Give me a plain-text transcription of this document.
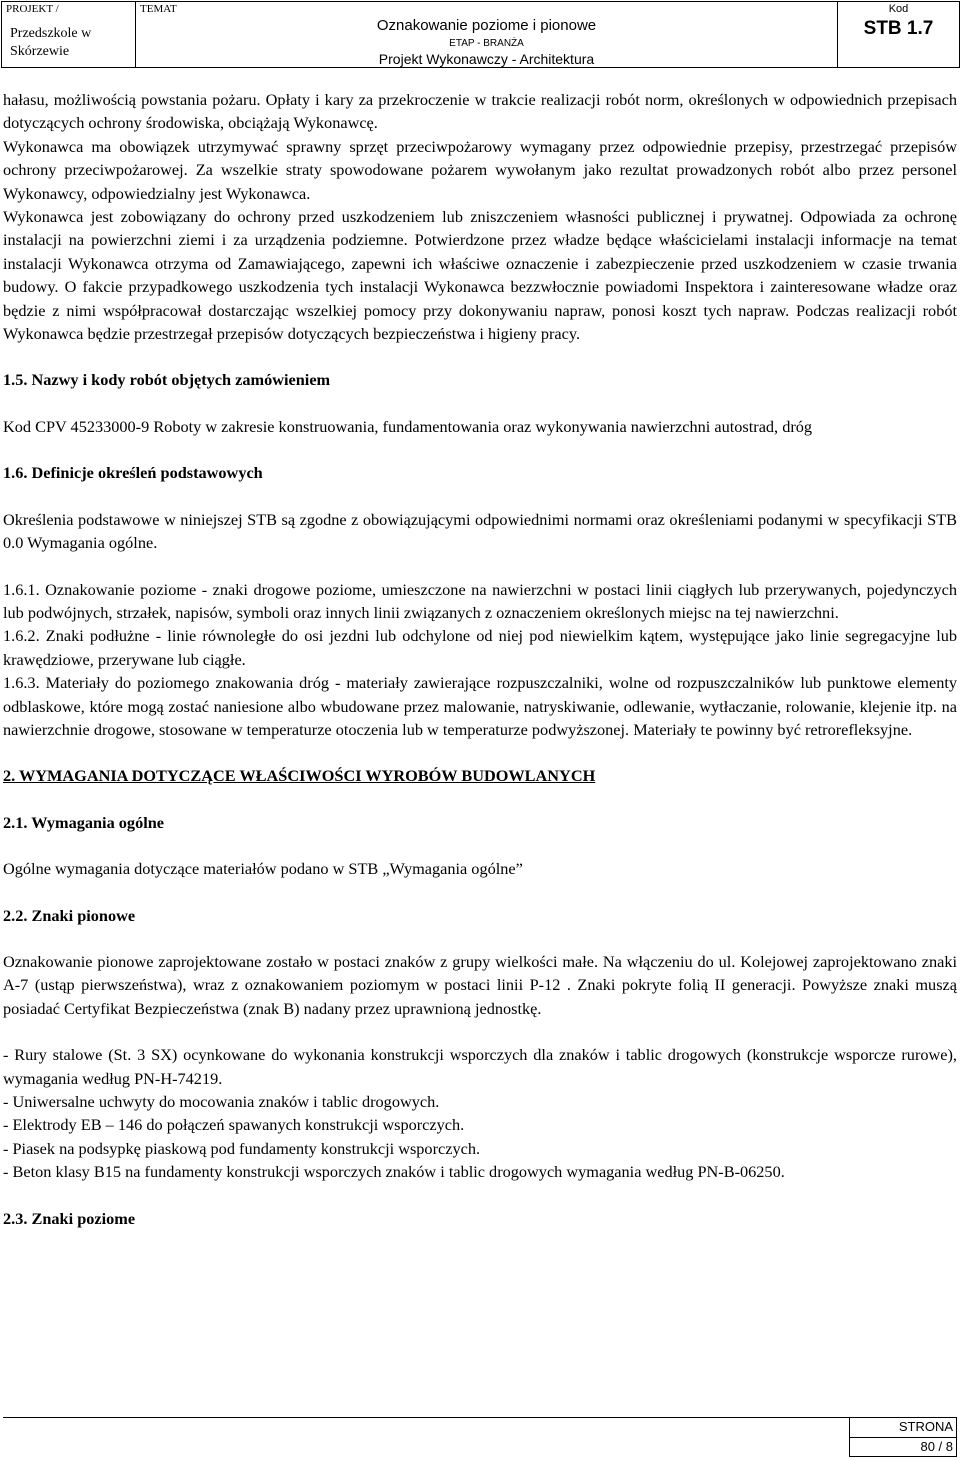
PROJEKT /
Przedszkole w Skórzewie

TEMAT
Oznakowanie poziome i pionowe
ETAP - BRANŻA
Projekt Wykonawczy - Architektura

Kod
STB 1.7

hałasu, możliwością powstania pożaru. Opłaty i kary za przekroczenie w trakcie realizacji robót norm, określonych w odpowiednich przepisach dotyczących ochrony środowiska, obciążają Wykonawcę.

Wykonawca ma obowiązek utrzymywać sprawny sprzęt przeciwpożarowy wymagany przez odpowiednie przepisy, przestrzegać przepisów ochrony przeciwpożarowej. Za wszelkie straty spowodowane pożarem wywołanym jako rezultat prowadzonych robót albo przez personel Wykonawcy, odpowiedzialny jest Wykonawca.

Wykonawca jest zobowiązany do ochrony przed uszkodzeniem lub zniszczeniem własności publicznej i prywatnej. Odpowiada za ochronę instalacji na powierzchni ziemi i za urządzenia podziemne. Potwierdzone przez władze będące właścicielami instalacji informacje na temat instalacji Wykonawca otrzyma od Zamawiającego, zapewni ich właściwe oznaczenie i zabezpieczenie przed uszkodzeniem w czasie trwania budowy. O fakcie przypadkowego uszkodzenia tych instalacji Wykonawca bezzwłocznie powiadomi Inspektora i zainteresowane władze oraz będzie z nimi współpracował dostarczając wszelkiej pomocy przy dokonywaniu napraw, ponosi koszt tych napraw. Podczas realizacji robót Wykonawca będzie przestrzegał przepisów dotyczących bezpieczeństwa i higieny pracy.

1.5. Nazwy i kody robót objętych zamówieniem

Kod CPV 45233000-9 Roboty w zakresie konstruowania, fundamentowania oraz wykonywania nawierzchni autostrad, dróg

1.6. Definicje określeń podstawowych

Określenia podstawowe w niniejszej STB są zgodne z obowiązującymi odpowiednimi normami oraz określeniami podanymi w specyfikacji STB 0.0 Wymagania ogólne.

1.6.1. Oznakowanie poziome - znaki drogowe poziome, umieszczone na nawierzchni w postaci linii ciągłych lub przerywanych, pojedynczych lub podwójnych, strzałek, napisów, symboli oraz innych linii związanych z oznaczeniem określonych miejsc na tej nawierzchni.

1.6.2. Znaki podłużne - linie równoległe do osi jezdni lub odchylone od niej pod niewielkim kątem, występujące jako linie segregacyjne lub krawędziowe, przerywane lub ciągłe.

1.6.3. Materiały do poziomego znakowania dróg - materiały zawierające rozpuszczalniki, wolne od rozpuszczalników lub punktowe elementy odblaskowe, które mogą zostać naniesione albo wbudowane przez malowanie, natryskiwanie, odlewanie, wytłaczanie, rolowanie, klejenie itp. na nawierzchnie drogowe, stosowane w temperaturze otoczenia lub w temperaturze podwyższonej. Materiały te powinny być retrorefleksyjne.

2. WYMAGANIA DOTYCZĄCE WŁAŚCIWOŚCI WYROBÓW BUDOWLANYCH

2.1. Wymagania ogólne

Ogólne wymagania dotyczące materiałów podano w STB „Wymagania ogólne”

2.2. Znaki pionowe

Oznakowanie pionowe zaprojektowane zostało w postaci znaków z grupy wielkości małe. Na włączeniu do ul. Kolejowej zaprojektowano znaki A-7 (ustąp pierwszeństwa), wraz z oznakowaniem poziomym w postaci linii P-12 . Znaki pokryte folią II generacji. Powyższe znaki muszą posiadać Certyfikat Bezpieczeństwa (znak B) nadany przez uprawnioną jednostkę.

- Rury stalowe (St. 3 SX) ocynkowane do wykonania konstrukcji wsporczych dla znaków i tablic drogowych (konstrukcje wsporcze rurowe), wymagania według PN-H-74219.

- Uniwersalne uchwyty do mocowania znaków i tablic drogowych.

- Elektrody EB – 146 do połączeń spawanych konstrukcji wsporczych.

- Piasek na podsypkę piaskową pod fundamenty konstrukcji wsporczych.

- Beton klasy B15 na fundamenty konstrukcji wsporczych znaków i tablic drogowych wymagania według PN-B-06250.

2.3. Znaki poziome

STRONA
80 / 8
